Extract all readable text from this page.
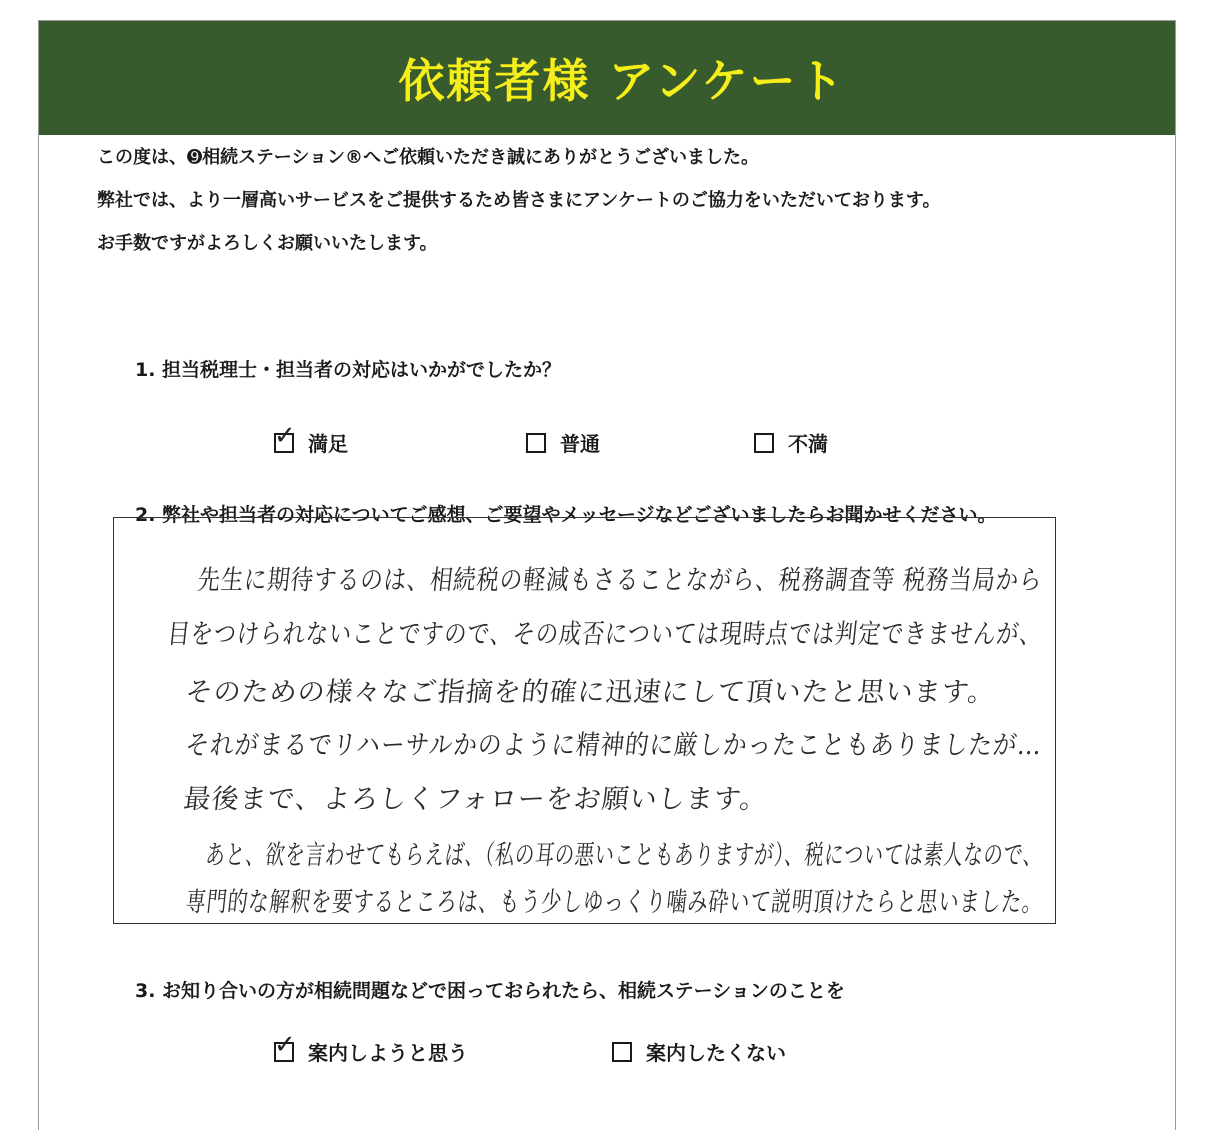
依頼者様 アンケート
この度は、➒相続ステーション®へご依頼いただき誠にありがとうございました。
弊社では、より一層高いサービスをご提供するため皆さまにアンケートのご協力をいただいております。
お手数ですがよろしくお願いいたします。
1. 担当税理士・担当者の対応はいかがでしたか？
✓ 満足	普通	不満
2. 弊社や担当者の対応についてご感想、ご要望やメッセージなどございましたらお聞かせください。
先生に期待するのは、相続税の軽減もさることながら、税務調査等 税務当局から
目をつけられないことですので、その成否については現時点では判定できませんが、
そのための様々なご指摘を的確に迅速にして頂いたと思います。
それがまるでリハーサルかのように精神的に厳しかったこともありましたが…
最後まで、よろしくフォローをお願いします。
あと、欲を言わせてもらえば、（私の耳の悪いこともありますが）、税については素人なので、
専門的な解釈を要するところは、もう少しゆっくり噛み砕いて説明頂けたらと思いました。
3. お知り合いの方が相続問題などで困っておられたら、相続ステーションのことを
✓ 案内しようと思う	案内したくない
